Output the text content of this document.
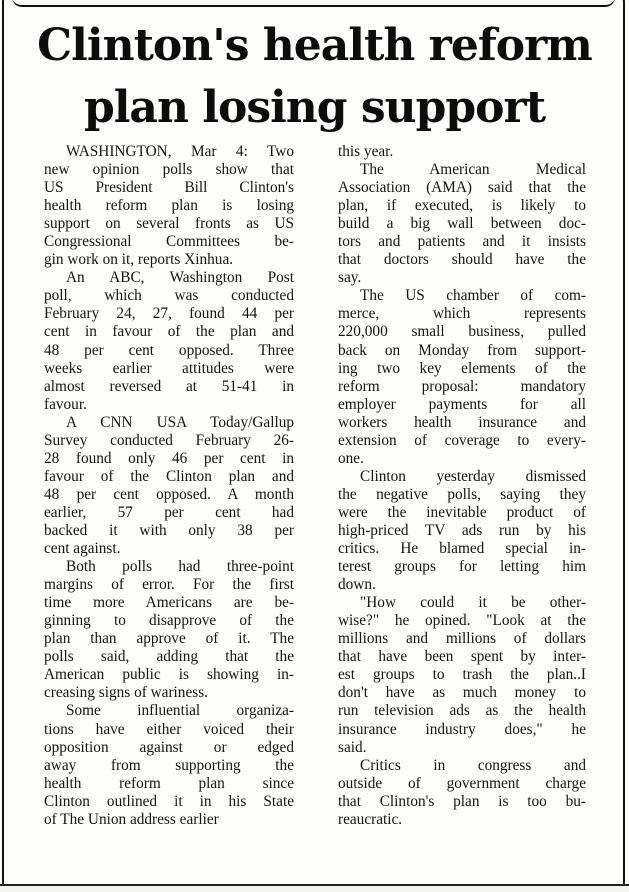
Clinton's health reform
plan losing support
WASHINGTON, Mar 4: Two
new opinion polls show that
US President Bill Clinton's
health reform plan is losing
support on several fronts as US
Congressional Committees be-
gin work on it, reports Xinhua.
An ABC, Washington Post
poll, which was conducted
February 24, 27, found 44 per
cent in favour of the plan and
48 per cent opposed. Three
weeks earlier attitudes were
almost reversed at 51-41 in
favour.
A CNN USA Today/Gallup
Survey conducted February 26-
28 found only 46 per cent in
favour of the Clinton plan and
48 per cent opposed. A month
earlier, 57 per cent had
backed it with only 38 per
cent against.
Both polls had three-point
margins of error. For the first
time more Americans are be-
ginning to disapprove of the
plan than approve of it. The
polls said, adding that the
American public is showing in-
creasing signs of wariness.
Some influential organiza-
tions have either voiced their
opposition against or edged
away from supporting the
health reform plan since
Clinton outlined it in his State
of The Union address earlier
this year.
The American Medical
Association (AMA) said that the
plan, if executed, is likely to
build a big wall between doc-
tors and patients and it insists
that doctors should have the
say.
The US chamber of com-
merce, which represents
220,000 small business, pulled
back on Monday from support-
ing two key elements of the
reform proposal: mandatory
employer payments for all
workers health insurance and
extension of coverage to every-
one.
Clinton yesterday dismissed
the negative polls, saying they
were the inevitable product of
high-priced TV ads run by his
critics. He blamed special in-
terest groups for letting him
down.
"How could it be other-
wise?" he opined. "Look at the
millions and millions of dollars
that have been spent by inter-
est groups to trash the plan..I
don't have as much money to
run television ads as the health
insurance industry does," he
said.
Critics in congress and
outside of government charge
that Clinton's plan is too bu-
reaucratic.
